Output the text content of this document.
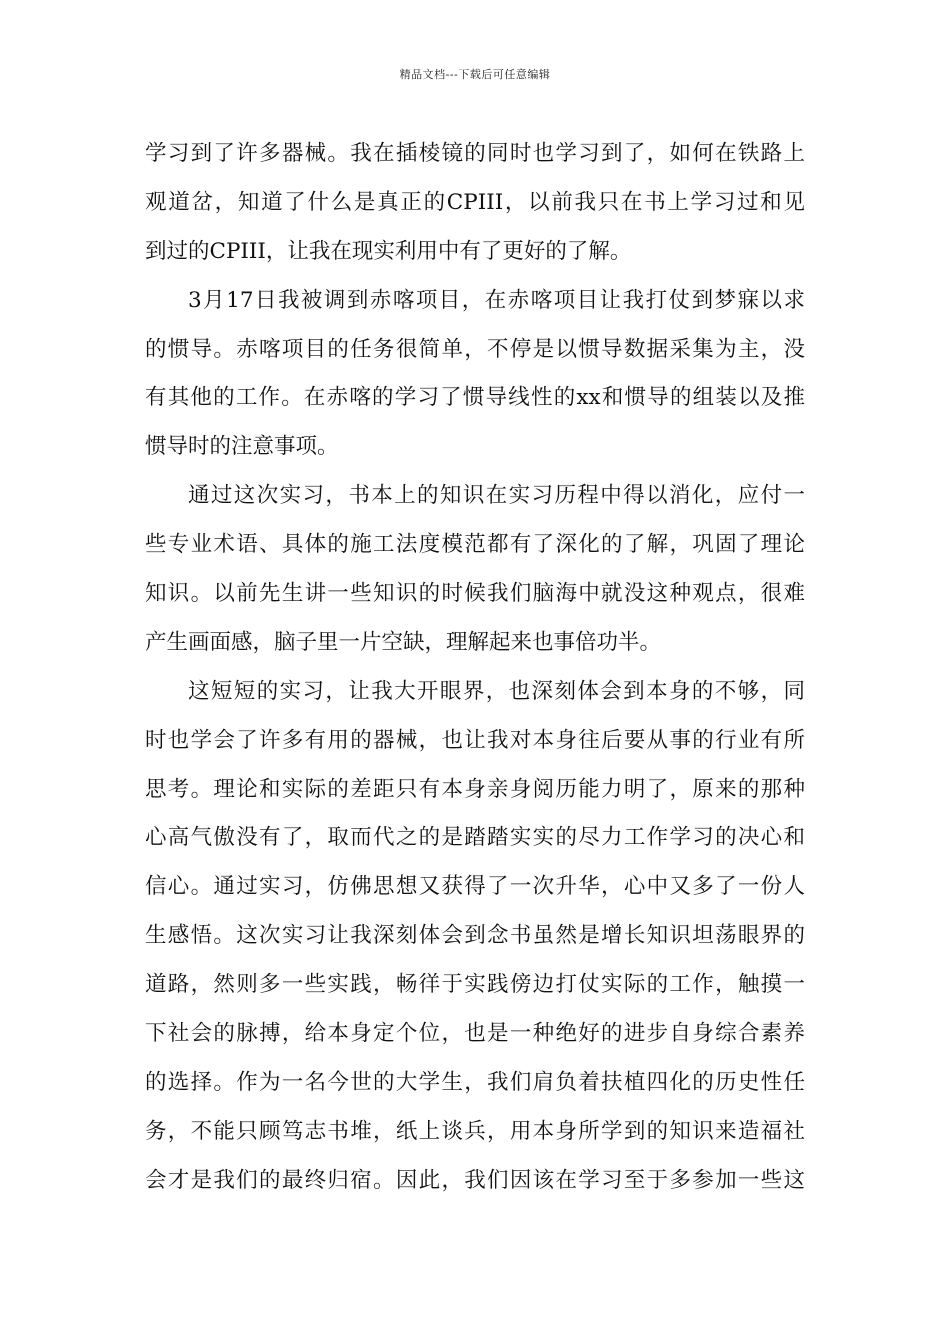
精品文档---下载后可任意编辑
学习到了许多器械。我在插棱镜的同时也学习到了，如何在铁路上
观道岔，知道了什么是真正的CPIII，以前我只在书上学习过和见
到过的CPIII，让我在现实利用中有了更好的了解。
3月17日我被调到赤喀项目，在赤喀项目让我打仗到梦寐以求
的惯导。赤喀项目的任务很简单，不停是以惯导数据采集为主，没
有其他的工作。在赤喀的学习了惯导线性的xx和惯导的组装以及推
惯导时的注意事项。
通过这次实习，书本上的知识在实习历程中得以消化，应付一
些专业术语、具体的施工法度模范都有了深化的了解，巩固了理论
知识。以前先生讲一些知识的时候我们脑海中就没这种观点，很难
产生画面感，脑子里一片空缺，理解起来也事倍功半。
这短短的实习，让我大开眼界，也深刻体会到本身的不够，同
时也学会了许多有用的器械，也让我对本身往后要从事的行业有所
思考。理论和实际的差距只有本身亲身阅历能力明了，原来的那种
心高气傲没有了，取而代之的是踏踏实实的尽力工作学习的决心和
信心。通过实习，仿佛思想又获得了一次升华，心中又多了一份人
生感悟。这次实习让我深刻体会到念书虽然是增长知识坦荡眼界的
道路，然则多一些实践，畅徉于实践傍边打仗实际的工作，触摸一
下社会的脉搏，给本身定个位，也是一种绝好的进步自身综合素养
的选择。作为一名今世的大学生，我们肩负着扶植四化的历史性任
务，不能只顾笃志书堆，纸上谈兵，用本身所学到的知识来造福社
会才是我们的最终归宿。因此，我们因该在学习至于多参加一些这
